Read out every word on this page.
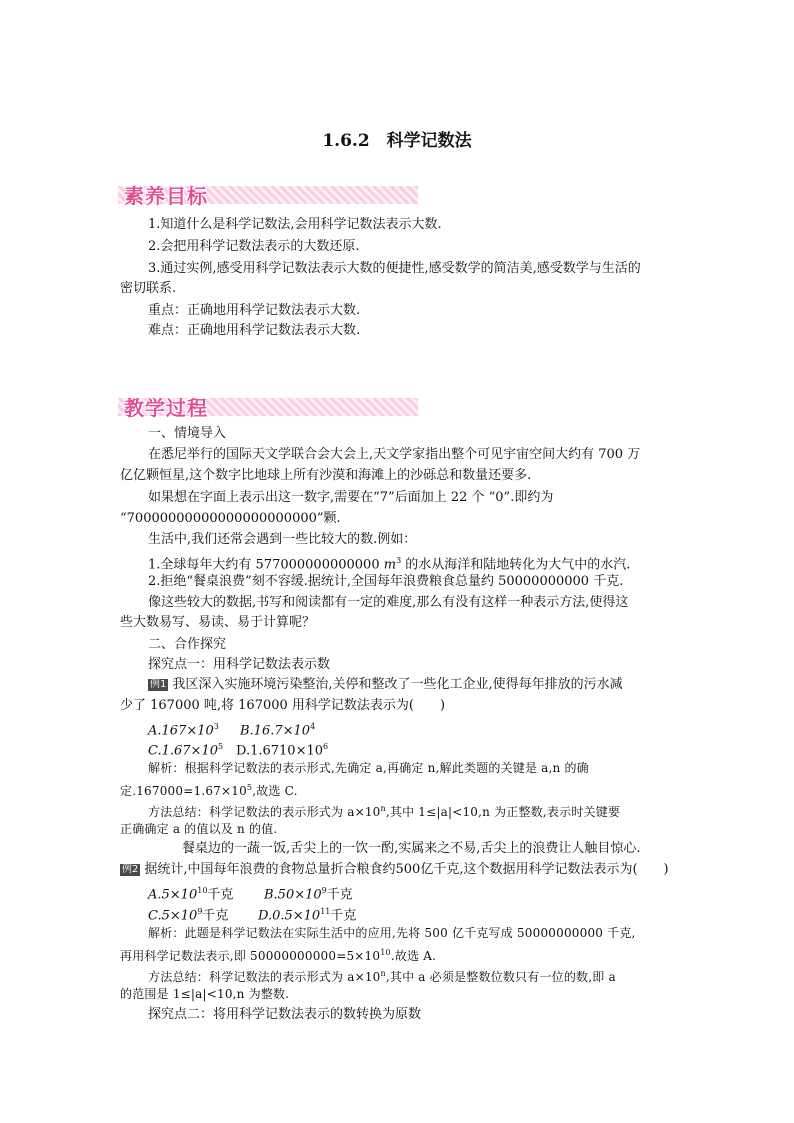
1.6.2　科学记数法
素养目标
1.知道什么是科学记数法,会用科学记数法表示大数.
2.会把用科学记数法表示的大数还原.
3.通过实例,感受用科学记数法表示大数的便捷性,感受数学的简洁美,感受数学与生活的
密切联系.
重点：正确地用科学记数法表示大数.
难点：正确地用科学记数法表示大数.
教学过程
一、情境导入
在悉尼举行的国际天文学联合会大会上,天文学家指出整个可见宇宙空间大约有 700 万
亿亿颗恒星,这个数字比地球上所有沙漠和海滩上的沙砾总和数量还要多.
如果想在字面上表示出这一数字,需要在“7”后面加上 22 个 “0”.即约为
“70000000000000000000000”颗.
生活中,我们还常会遇到一些比较大的数.例如：
1.全球每年大约有 577000000000000 $m^3$ 的水从海洋和陆地转化为大气中的水汽.
2.拒绝“餐桌浪费”刻不容缓.据统计,全国每年浪费粮食总量约 50000000000 千克.
像这些较大的数据,书写和阅读都有一定的难度,那么有没有这样一种表示方法,使得这
些大数易写、易读、易于计算呢？
二、合作探究
探究点一：用科学记数法表示数
例1 我区深入实施环境污染整治,关停和整改了一些化工企业,使得每年排放的污水减
少了 167000 吨,将 167000 用科学记数法表示为(　　)
$A.167\times 10^3$ $B.16.7\times 10^4$
$C.1.67\times 10^5$ $D.1.6710\times 10^6$
解析：根据科学记数法的表示形式,先确定 a,再确定 n,解此类题的关键是 a,n 的确
定$.167000=1.67\times 10^5$,故选 C.
方法总结：科学记数法的表示形式为 $a\times 10^n$,其中 1≤|a|<10,n 为正整数,表示时关键要
正确确定 a 的值以及 n 的值.
餐桌边的一蔬一饭,舌尖上的一饮一酌,实属来之不易,舌尖上的浪费让人触目惊心.
例2 据统计,中国每年浪费的食物总量折合粮食约500亿千克,这个数据用科学记数法表示为(　　)
$A.5\times 10^{10}$千克 $B.50\times 10^9$千克
$C.5\times 10^9$千克 $D.0.5\times 10^{11}$千克
解析：此题是科学记数法在实际生活中的应用,先将 500 亿千克写成 50000000000 千克,
再用科学记数法表示,即 $50000000000=5\times 10^{10}$.故选 A.
方法总结：科学记数法的表示形式为 $a\times 10^n$,其中 a 必须是整数位数只有一位的数,即 a
的范围是 1≤|a|<10,n 为整数.
探究点二：将用科学记数法表示的数转换为原数
